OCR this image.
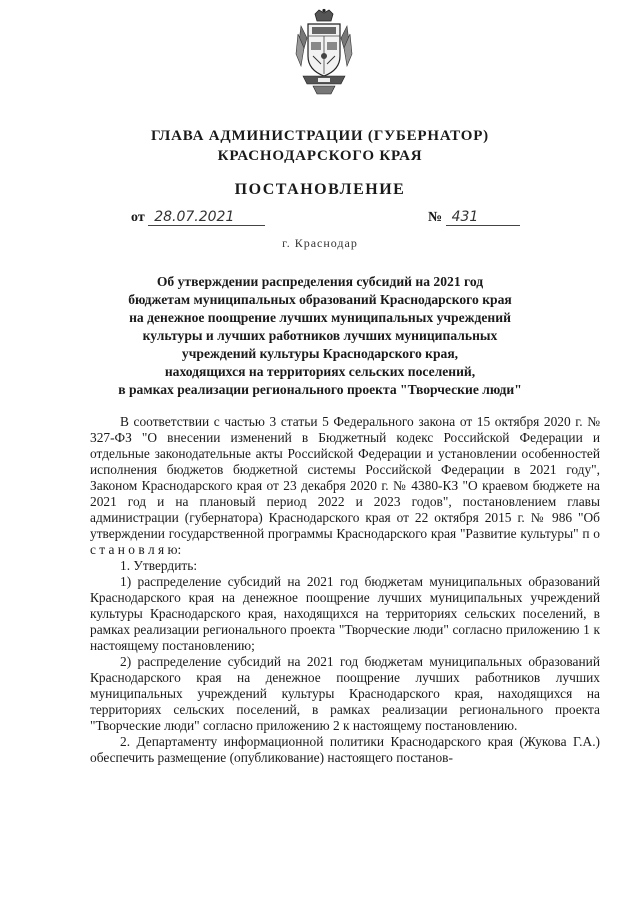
ГЛАВА АДМИНИСТРАЦИИ (ГУБЕРНАТОР)
КРАСНОДАРСКОГО КРАЯ
ПОСТАНОВЛЕНИЕ
от 28.07.2021	№ 431
г. Краснодар
Об утверждении распределения субсидий на 2021 год
бюджетам муниципальных образований Краснодарского края
на денежное поощрение лучших муниципальных учреждений
культуры и лучших работников лучших муниципальных
учреждений культуры Краснодарского края,
находящихся на территориях сельских поселений,
в рамках реализации регионального проекта "Творческие люди"

В соответствии с частью 3 статьи 5 Федерального закона от 15 октября 2020 г. № 327-ФЗ "О внесении изменений в Бюджетный кодекс Российской Федерации и отдельные законодательные акты Российской Федерации и установлении особенностей исполнения бюджетов бюджетной системы Российской Федерации в 2021 году", Законом Краснодарского края от 23 декабря 2020 г. № 4380-КЗ "О краевом бюджете на 2021 год и на плановый период 2022 и 2023 годов", постановлением главы администрации (губернатора) Краснодарского края от 22 октября 2015 г. № 986 "Об утверждении государственной программы Краснодарского края "Развитие культуры" п о с т а н о в л я ю:

1. Утвердить:

1) распределение субсидий на 2021 год бюджетам муниципальных образований Краснодарского края на денежное поощрение лучших муниципальных учреждений культуры Краснодарского края, находящихся на территориях сельских поселений, в рамках реализации регионального проекта "Творческие люди" согласно приложению 1 к настоящему постановлению;

2) распределение субсидий на 2021 год бюджетам муниципальных образований Краснодарского края на денежное поощрение лучших работников лучших муниципальных учреждений культуры Краснодарского края, находящихся на территориях сельских поселений, в рамках реализации регионального проекта "Творческие люди" согласно приложению 2 к настоящему постановлению.

2. Департаменту информационной политики Краснодарского края (Жукова Г.А.) обеспечить размещение (опубликование) настоящего постанов-
